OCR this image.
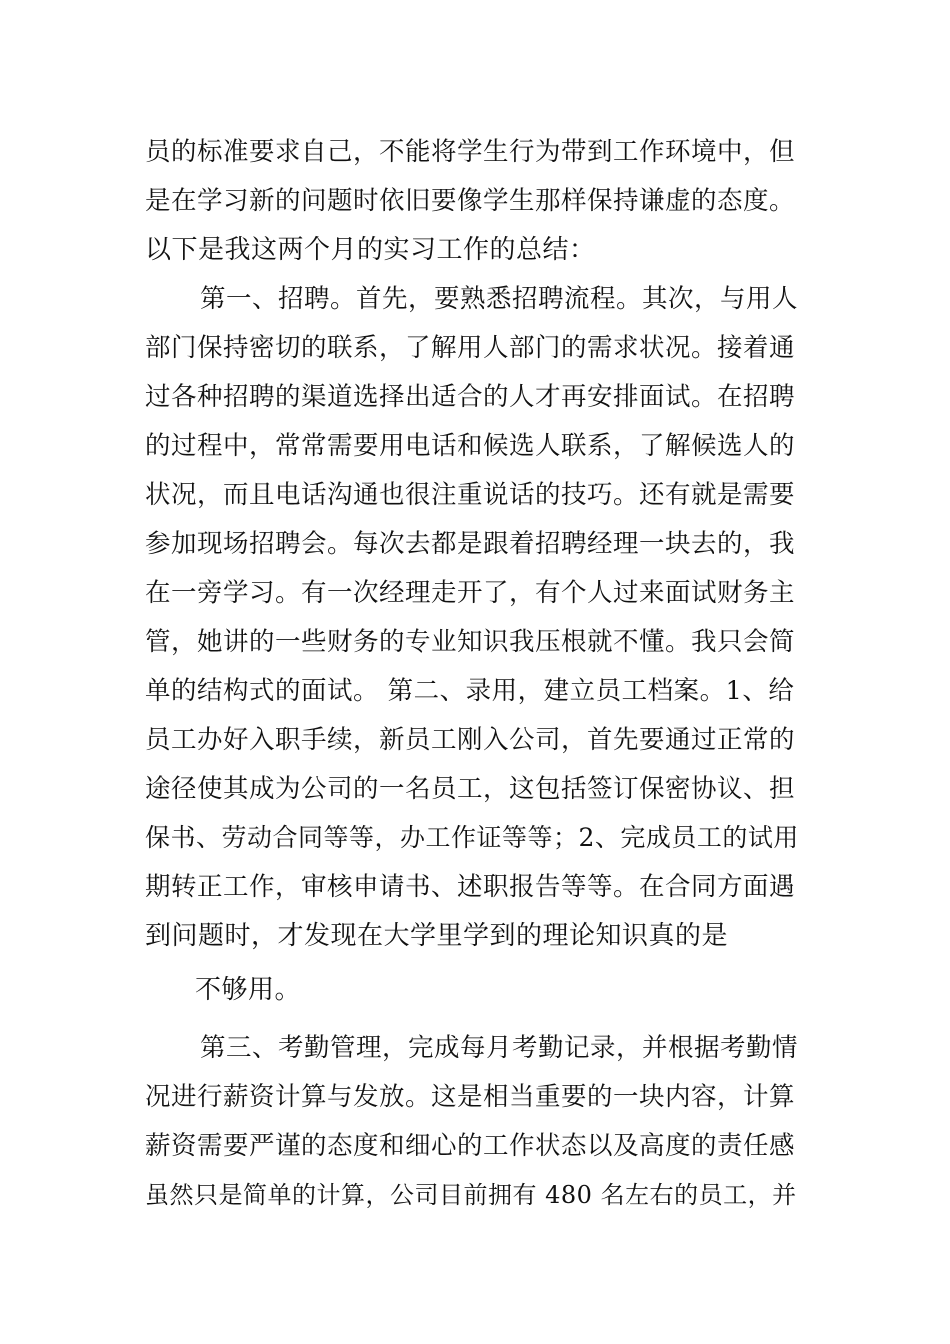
员的标准要求自己，不能将学生行为带到工作环境中，但
是在学习新的问题时依旧要像学生那样保持谦虚的态度。
以下是我这两个月的实习工作的总结：
第一、招聘。首先，要熟悉招聘流程。其次，与用人
部门保持密切的联系，了解用人部门的需求状况。接着通
过各种招聘的渠道选择出适合的人才再安排面试。在招聘
的过程中，常常需要用电话和候选人联系，了解候选人的
状况，而且电话沟通也很注重说话的技巧。还有就是需要
参加现场招聘会。每次去都是跟着招聘经理一块去的，我
在一旁学习。有一次经理走开了，有个人过来面试财务主
管，她讲的一些财务的专业知识我压根就不懂。我只会简
单的结构式的面试。 第二、录用，建立员工档案。1、给
员工办好入职手续，新员工刚入公司，首先要通过正常的
途径使其成为公司的一名员工，这包括签订保密协议、担
保书、劳动合同等等，办工作证等等；2、完成员工的试用
期转正工作，审核申请书、述职报告等等。在合同方面遇
到问题时，才发现在大学里学到的理论知识真的是
不够用。
第三、考勤管理，完成每月考勤记录，并根据考勤情
况进行薪资计算与发放。这是相当重要的一块内容，计算
薪资需要严谨的态度和细心的工作状态以及高度的责任感
虽然只是简单的计算，公司目前拥有 480 名左右的员工，并
